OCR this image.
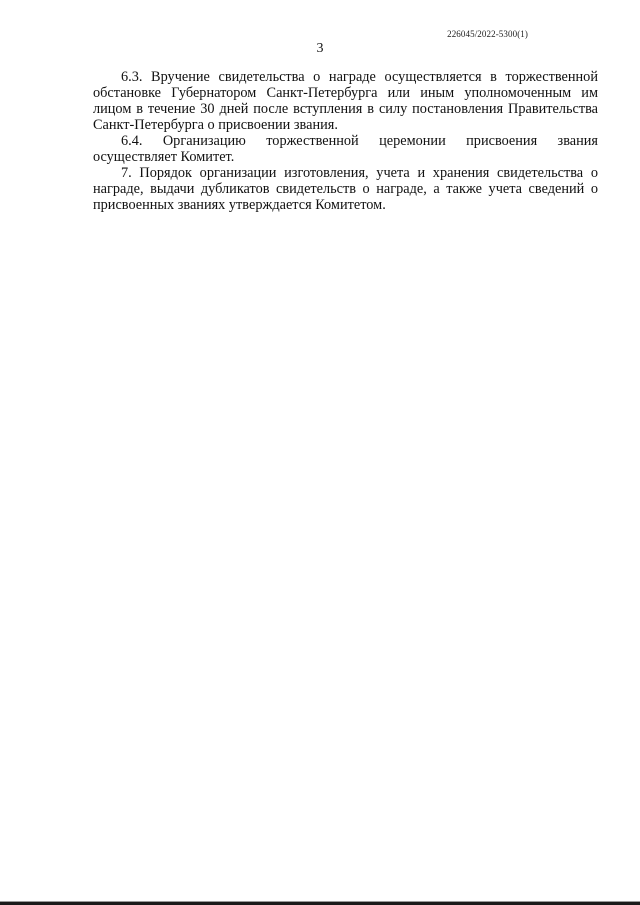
226045/2022-5300(1)
3

6.3. Вручение свидетельства о награде осуществляется в торжественной обстановке Губернатором Санкт-Петербурга или иным уполномоченным им лицом в течение 30 дней после вступления в силу постановления Правительства Санкт-Петербурга о присвоении звания.

6.4. Организацию торжественной церемонии присвоения звания осуществляет Комитет.

7. Порядок организации изготовления, учета и хранения свидетельства о награде, выдачи дубликатов свидетельств о награде, а также учета сведений о присвоенных званиях утверждается Комитетом.
